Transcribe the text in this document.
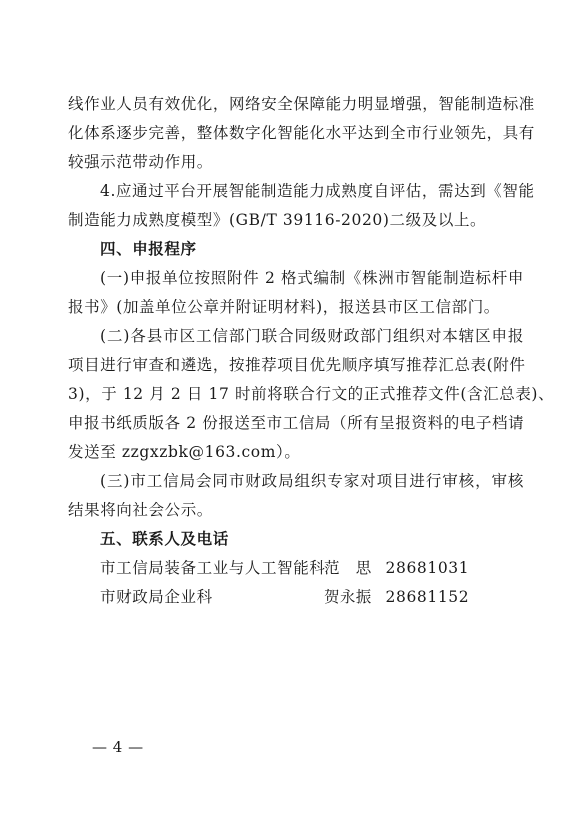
线作业人员有效优化，网络安全保障能力明显增强，智能制造标准
化体系逐步完善，整体数字化智能化水平达到全市行业领先，具有
较强示范带动作用。
4.应通过平台开展智能制造能力成熟度自评估，需达到《智能
制造能力成熟度模型》(GB/T 39116-2020)二级及以上。
四、申报程序
(一)申报单位按照附件 2 格式编制《株洲市智能制造标杆申
报书》(加盖单位公章并附证明材料)，报送县市区工信部门。
(二)各县市区工信部门联合同级财政部门组织对本辖区申报
项目进行审查和遴选，按推荐项目优先顺序填写推荐汇总表(附件
3)，于 12 月 2 日 17 时前将联合行文的正式推荐文件(含汇总表)、
申报书纸质版各 2 份报送至市工信局（所有呈报资料的电子档请
发送至 zzgxzbk@163.com）。
(三)市工信局会同市财政局组织专家对项目进行审核，审核
结果将向社会公示。
五、联系人及电话
市工信局装备工业与人工智能科范　思 28681031
市财政局企业科	贺永振 28681152
— 4 —
